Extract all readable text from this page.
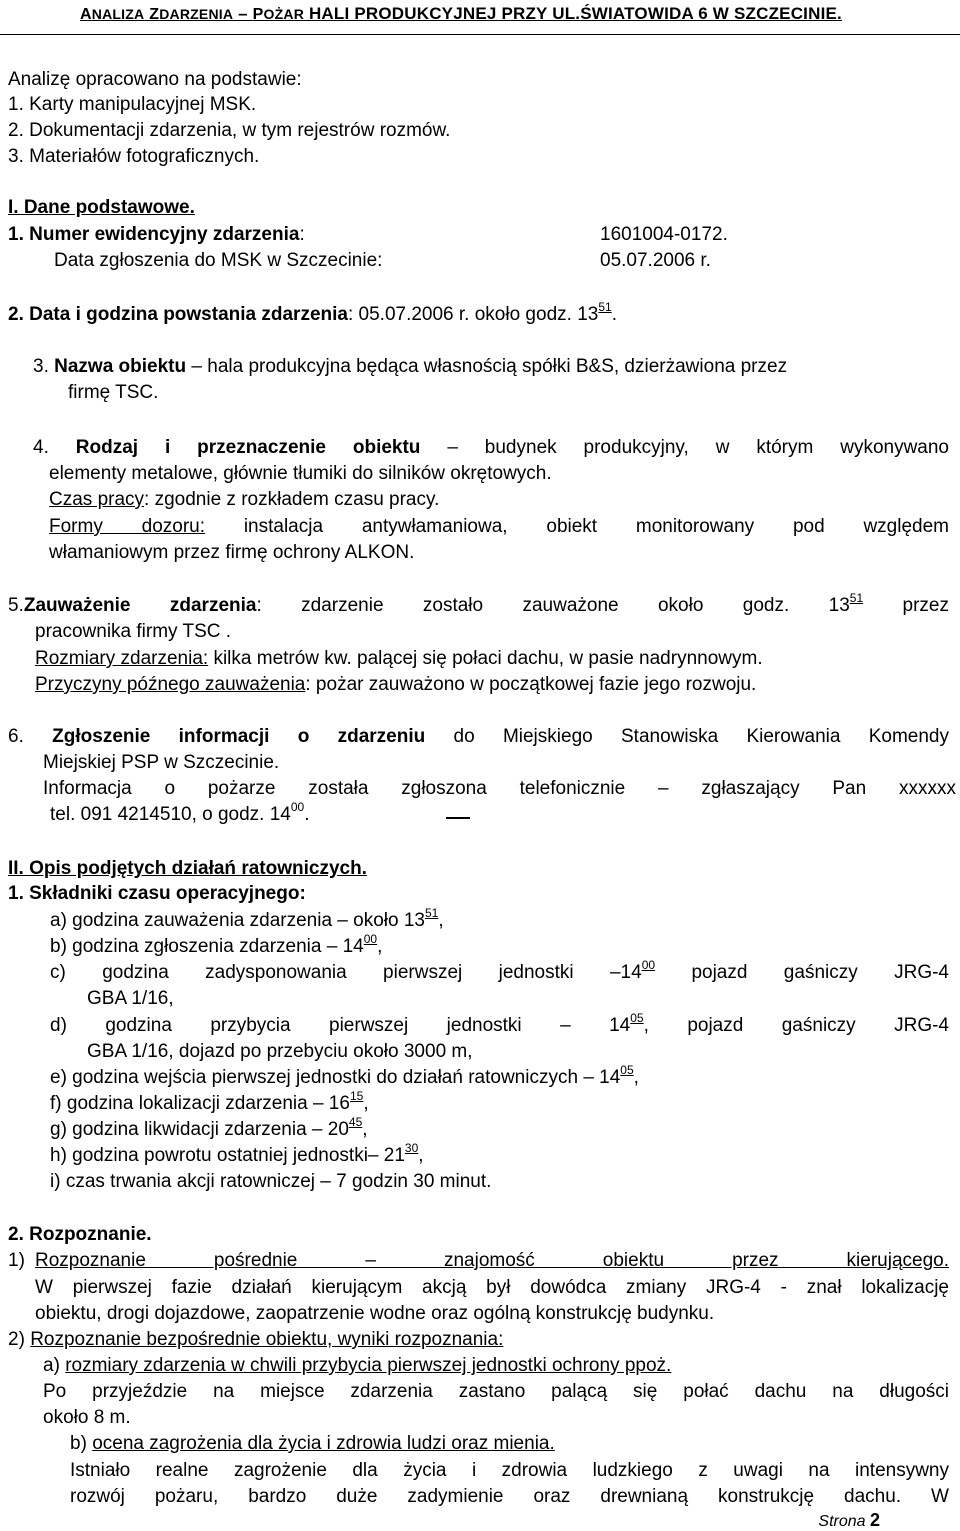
ANALIZA ZDARZENIA – POŻAR HALI PRODUKCYJNEJ PRZY UL.ŚWIATOWIDA 6 W SZCZECINIE.
Analizę opracowano na podstawie:
1. Karty manipulacyjnej MSK.
2. Dokumentacji zdarzenia, w tym rejestrów rozmów.
3. Materiałów fotograficznych.
I. Dane podstawowe.
1. Numer ewidencyjny zdarzenia:	1601004-0172.
Data zgłoszenia do MSK w Szczecinie:	05.07.2006 r.
2. Data i godzina powstania zdarzenia: 05.07.2006 r. około godz. $13^{51}$.
3. Nazwa obiektu – hala produkcyjna będąca własnością spółki B&S, dzierżawiona przez
firmę TSC.
4. Rodzaj i przeznaczenie obiektu – budynek produkcyjny, w którym wykonywano
elementy metalowe, głównie tłumiki do silników okrętowych.
Czas pracy: zgodnie z rozkładem czasu pracy.
Formy dozoru: instalacja antywłamaniowa, obiekt monitorowany pod względem
włamaniowym przez firmę ochrony ALKON.
5.Zauważenie zdarzenia: zdarzenie zostało zauważone około godz. $13^{51}$ przez
pracownika firmy TSC .
Rozmiary zdarzenia: kilka metrów kw. palącej się połaci dachu, w pasie nadrynnowym.
Przyczyny późnego zauważenia: pożar zauważono w początkowej fazie jego rozwoju.
6. Zgłoszenie informacji o zdarzeniu do Miejskiego Stanowiska Kierowania Komendy
Miejskiej PSP w Szczecinie.
Informacja o pożarze została zgłoszona telefonicznie – zgłaszający Pan xxxxxx
tel. 091 4214510, o godz. $14^{00}$.
II. Opis podjętych działań ratowniczych.
1. Składniki czasu operacyjnego:
a) godzina zauważenia zdarzenia – około $13^{51}$,
b) godzina zgłoszenia zdarzenia – $14^{00}$,
c) godzina zadysponowania pierwszej jednostki $-14^{00}$ pojazd gaśniczy JRG-4
GBA 1/16,
d) godzina przybycia pierwszej jednostki – $14^{05}$, pojazd gaśniczy JRG-4
GBA 1/16, dojazd po przebyciu około 3000 m,
e) godzina wejścia pierwszej jednostki do działań ratowniczych – $14^{05}$,
f) godzina lokalizacji zdarzenia – $16^{15}$,
g) godzina likwidacji zdarzenia – $20^{45}$,
h) godzina powrotu ostatniej jednostki– $21^{30}$,
i) czas trwania akcji ratowniczej – 7 godzin 30 minut.
2. Rozpoznanie.
1) Rozpoznanie pośrednie – znajomość obiektu przez kierującego.
W pierwszej fazie działań kierującym akcją był dowódca zmiany JRG-4 - znał lokalizację
obiektu, drogi dojazdowe, zaopatrzenie wodne oraz ogólną konstrukcję budynku.
2) Rozpoznanie bezpośrednie obiektu, wyniki rozpoznania:
a) rozmiary zdarzenia w chwili przybycia pierwszej jednostki ochrony ppoż.
Po przyjeździe na miejsce zdarzenia zastano palącą się połać dachu na długości
około 8 m.
b) ocena zagrożenia dla życia i zdrowia ludzi oraz mienia.
Istniało realne zagrożenie dla życia i zdrowia ludzkiego z uwagi na intensywny
rozwój pożaru, bardzo duże zadymienie oraz drewnianą konstrukcję dachu. W
Strona 2
